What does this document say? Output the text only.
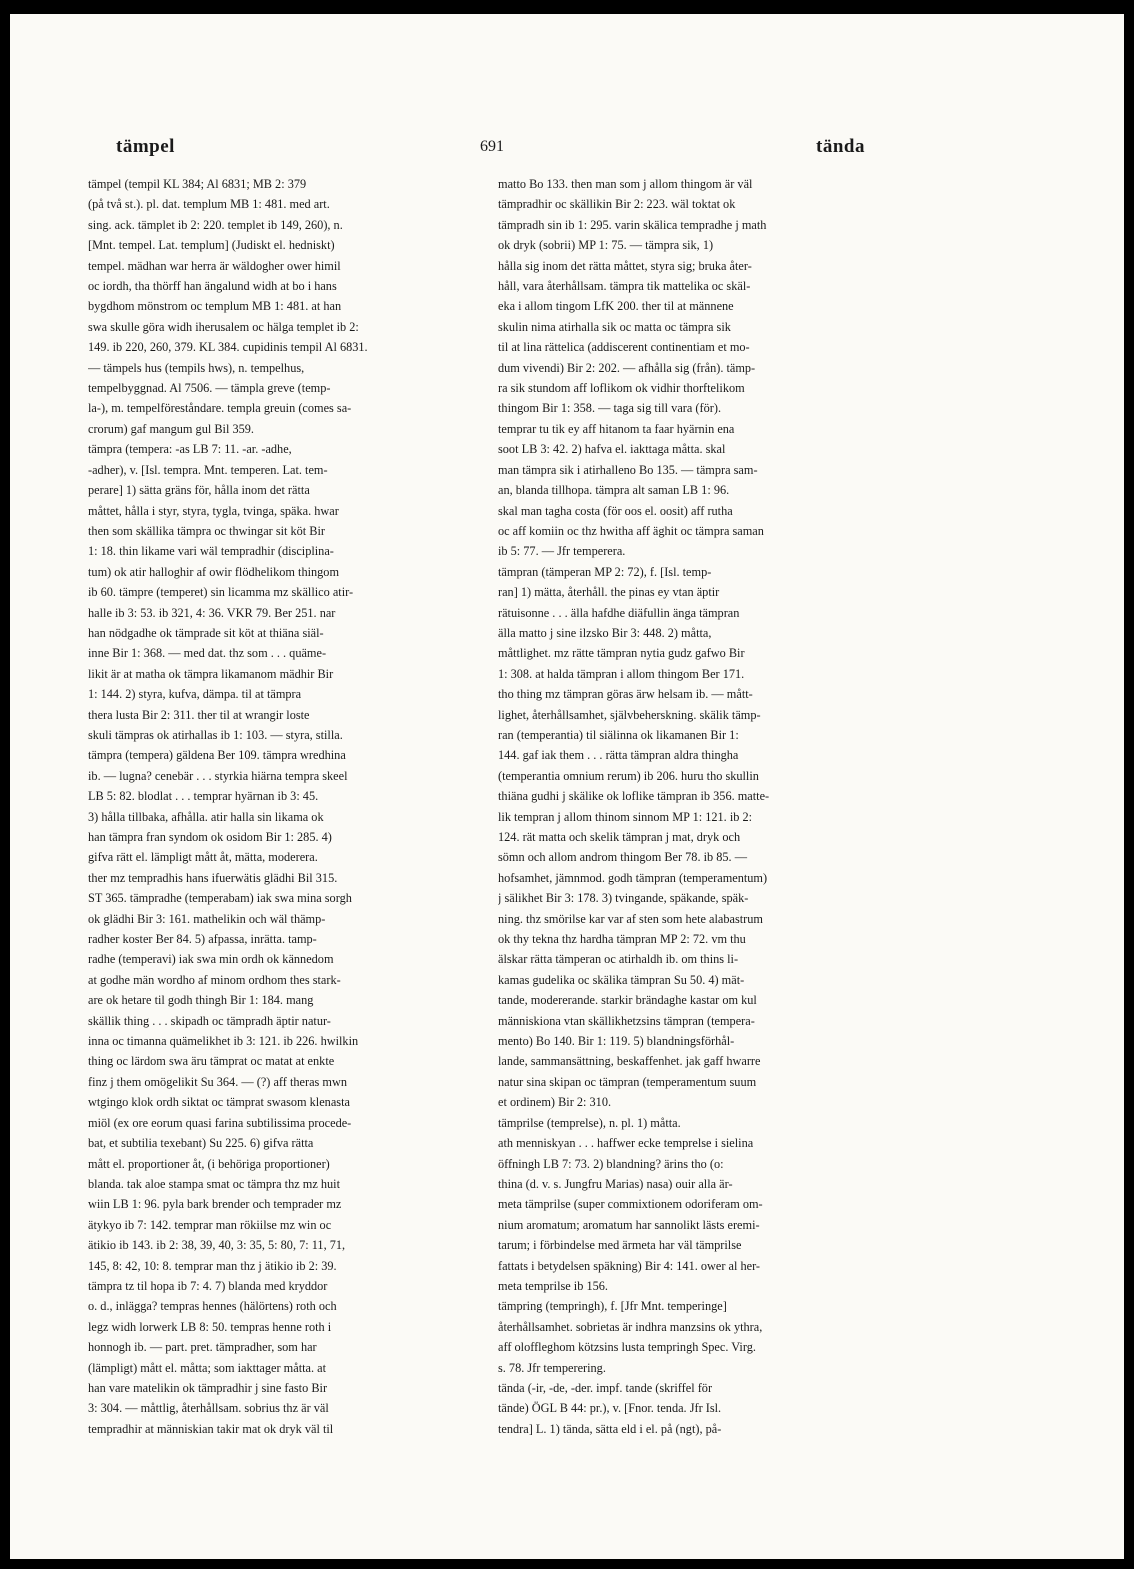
tämpel	691	tända
tämpel (tempil KL 384; Al 6831; MB 2: 379
(på två st.). pl. dat. templum MB 1: 481. med art.
sing. ack. tämplet ib 2: 220. templet ib 149, 260), n.
[Mnt. tempel. Lat. templum] (Judiskt el. hedniskt)
tempel. mädhan war herra är wäldogher ower himil
oc iordh, tha thörff han ängalund widh at bo i hans
bygdhom mönstrom oc templum MB 1: 481. at han
swa skulle göra widh iherusalem oc hälga templet ib 2:
149. ib 220, 260, 379. KL 384. cupidinis tempil Al 6831.
— tämpels hus (tempils hws), n. tempelhus,
tempelbyggnad. Al 7506. — tämpla greve (temp-
la-), m. tempelföreståndare. templa greuin (comes sa-
crorum) gaf mangum gul Bil 359.
tämpra (tempera: -as LB 7: 11. -ar. -adhe,
-adher), v. [Isl. tempra. Mnt. temperen. Lat. tem-
perare] 1) sätta gräns för, hålla inom det rätta
måttet, hålla i styr, styra, tygla, tvinga, späka. hwar
then som skällika tämpra oc thwingar sit köt Bir
1: 18. thin likame vari wäl tempradhir (disciplina-
tum) ok atir halloghir af owir flödhelikom thingom
ib 60. tämpre (temperet) sin licamma mz skällico atir-
halle ib 3: 53. ib 321, 4: 36. VKR 79. Ber 251. nar
han nödgadhe ok tämprade sit köt at thiäna siäl-
inne Bir 1: 368. — med dat. thz som . . . quäme-
likit är at matha ok tämpra likamanom mädhir Bir
1: 144. 2) styra, kufva, dämpa. til at tämpra
thera lusta Bir 2: 311. ther til at wrangir loste
skuli tämpras ok atirhallas ib 1: 103. — styra, stilla.
tämpra (tempera) gäldena Ber 109. tämpra wredhina
ib. — lugna? cenebär . . . styrkia hiärna tempra skeel
LB 5: 82. blodlat . . . temprar hyärnan ib 3: 45.
3) hålla tillbaka, afhålla. atir halla sin likama ok
han tämpra fran syndom ok osidom Bir 1: 285. 4)
gifva rätt el. lämpligt mått åt, mätta, moderera.
ther mz tempradhis hans ifuerwätis glädhi Bil 315.
ST 365. tämpradhe (temperabam) iak swa mina sorgh
ok glädhi Bir 3: 161. mathelikin och wäl thämp-
radher koster Ber 84. 5) afpassa, inrätta. tamp-
radhe (temperavi) iak swa min ordh ok kännedom
at godhe män wordho af minom ordhom thes stark-
are ok hetare til godh thingh Bir 1: 184. mang
skällik thing . . . skipadh oc tämpradh äptir natur-
inna oc timanna quämelikhet ib 3: 121. ib 226. hwilkin
thing oc lärdom swa äru tämprat oc matat at enkte
finz j them omögelikit Su 364. — (?) aff theras mwn
wtgingo klok ordh siktat oc tämprat swasom klenasta
miöl (ex ore eorum quasi farina subtilissima procede-
bat, et subtilia texebant) Su 225. 6) gifva rätta
mått el. proportioner åt, (i behöriga proportioner)
blanda. tak aloe stampa smat oc tämpra thz mz huit
wiin LB 1: 96. pyla bark brender och temprader mz
ätykyo ib 7: 142. temprar man rökiilse mz win oc
ätikio ib 143. ib 2: 38, 39, 40, 3: 35, 5: 80, 7: 11, 71,
145, 8: 42, 10: 8. temprar man thz j ätikio ib 2: 39.
tämpra tz til hopa ib 7: 4. 7) blanda med kryddor
o. d., inlägga? tempras hennes (hälörtens) roth och
legz widh lorwerk LB 8: 50. tempras henne roth i
honnogh ib. — part. pret. tämpradher, som har
(lämpligt) mått el. måtta; som iakttager måtta. at
han vare matelikin ok tämpradhir j sine fasto Bir
3: 304. — måttlig, återhållsam. sobrius thz är väl
tempradhir at människian takir mat ok dryk väl til
matto Bo 133. then man som j allom thingom är väl
tämpradhir oc skällikin Bir 2: 223. wäl toktat ok
tämpradh sin ib 1: 295. varin skälica tempradhe j math
ok dryk (sobrii) MP 1: 75. — tämpra sik, 1)
hålla sig inom det rätta måttet, styra sig; bruka åter-
håll, vara återhållsam. tämpra tik mattelika oc skäl-
eka i allom tingom LfK 200. ther til at männene
skulin nima atirhalla sik oc matta oc tämpra sik
til at lina rättelica (addiscerent continentiam et mo-
dum vivendi) Bir 2: 202. — afhålla sig (från). tämp-
ra sik stundom aff loflikom ok vidhir thorftelikom
thingom Bir 1: 358. — taga sig till vara (för).
temprar tu tik ey aff hitanom ta faar hyärnin ena
soot LB 3: 42. 2) hafva el. iakttaga måtta. skal
man tämpra sik i atirhalleno Bo 135. — tämpra sam-
an, blanda tillhopa. tämpra alt saman LB 1: 96.
skal man tagha costa (för oos el. oosit) aff rutha
oc aff komiin oc thz hwitha aff äghit oc tämpra saman
ib 5: 77. — Jfr temperera.
tämpran (tämperan MP 2: 72), f. [Isl. temp-
ran] 1) mätta, återhåll. the pinas ey vtan äptir
rätuisonne . . . älla hafdhe diäfullin änga tämpran
älla matto j sine ilzsko Bir 3: 448. 2) måtta,
måttlighet. mz rätte tämpran nytia gudz gafwo Bir
1: 308. at halda tämpran i allom thingom Ber 171.
tho thing mz tämpran göras ärw helsam ib. — mått-
lighet, återhållsamhet, självbeherskning. skälik tämp-
ran (temperantia) til siälinna ok likamanen Bir 1:
144. gaf iak them . . . rätta tämpran aldra thingha
(temperantia omnium rerum) ib 206. huru tho skullin
thiäna gudhi j skälike ok loflike tämpran ib 356. matte-
lik tempran j allom thinom sinnom MP 1: 121. ib 2:
124. rät matta och skelik tämpran j mat, dryk och
sömn och allom androm thingom Ber 78. ib 85. —
hofsamhet, jämnmod. godh tämpran (temperamentum)
j sälikhet Bir 3: 178. 3) tvingande, späkande, späk-
ning. thz smörilse kar var af sten som hete alabastrum
ok thy tekna thz hardha tämpran MP 2: 72. vm thu
älskar rätta tämperan oc atirhaldh ib. om thins li-
kamas gudelika oc skälika tämpran Su 50. 4) mät-
tande, modererande. starkir brändaghe kastar om kul
människiona vtan skällikhetzsins tämpran (tempera-
mento) Bo 140. Bir 1: 119. 5) blandningsförhål-
lande, sammansättning, beskaffenhet. jak gaff hwarre
natur sina skipan oc tämpran (temperamentum suum
et ordinem) Bir 2: 310.
tämprilse (temprelse), n. pl. 1) måtta.
ath menniskyan . . . haffwer ecke temprelse i sielina
öffningh LB 7: 73. 2) blandning? ärins tho (o:
thina (d. v. s. Jungfru Marias) nasa) ouir alla är-
meta tämprilse (super commixtionem odoriferam om-
nium aromatum; aromatum har sannolikt lästs eremi-
tarum; i förbindelse med ärmeta har väl tämprilse
fattats i betydelsen späkning) Bir 4: 141. ower al her-
meta temprilse ib 156.
tämpring (tempringh), f. [Jfr Mnt. temperinge]
återhållsamhet. sobrietas är indhra manzsins ok ythra,
aff oloffleghom kötzsins lusta tempringh Spec. Virg.
s. 78. Jfr temperering.
tända (-ir, -de, -der. impf. tande (skriffel för
tände) ÖGL B 44: pr.), v. [Fnor. tenda. Jfr Isl.
tendra] L. 1) tända, sätta eld i el. på (ngt), på-
